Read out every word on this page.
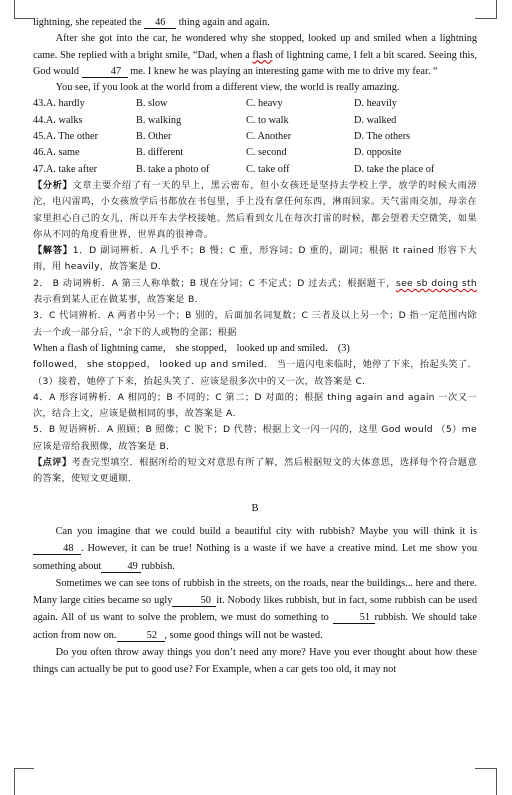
lightning, she repeated the 46 thing again and again.

After she got into the car, he wondered why she stopped, looked up and smiled when a lightning came. She replied with a bright smile, “Dad, when a flash of lightning came, I felt a bit scared. Seeing this, God would	47 me. I knew he was playing an interesting game with me to drive my fear. “

You see, if you look at the world from a different view, the world is really amazing.

43.A. hardly	B. slow	C. heavy	D. heavily
44.A. walks	B. walking	C. to walk	D. walked
45.A. The other	B. Other	C. Another	D. The others
46.A. same	B. different	C. second	D. opposite
47.A. take after	B. take a photo of	C. take off	D. take the place of

【分析】文章主要介绍了有一天的早上，黑云密布，但小女孩还是坚持去学校上学，放学的时候大雨滂沱，电闪雷鸣，小女孩放学后书都放在书包里，手上没有拿任何东西，淋雨回家。天气雷雨交加，母亲在家里担心自己的女儿，所以开车去学校接她。然后看到女儿在每次打雷的时候，都会望着天空微笑，如果你从不同的角度看世界，世界真的很神奇。

【解答】1．D 副词辨析．A 几乎不；B 慢；C 重，形容词；D 重的，副词；根据 It rained 形容下大雨，用 heavily，故答案是 D．

2． B 动词辨析．A 第三人称单数；B 现在分词；C 不定式；D 过去式；根据题干，see sb doing sth 表示看到某人正在做某事，故答案是 B．

3．C 代词辨析．A 两者中另一个；B 别的，后面加名词复数；C 三者及以上另一个；D 指一定范围内除去一个或一部分后，"余下的人或物的全部；根据

When a flash of lightning came， she stopped， looked up and smiled． (3)

followed， she stopped， looked up and smiled． 当一道闪电来临时，她停了下来，抬起头笑了．（3）接着，她停了下来，抬起头笑了．应该是很多次中的又一次，故答案是 C．

4．A 形容词辨析．A 相同的；B 不同的；C 第二；D 对面的；根据 thing again and again 一次又一次，结合上文，应该是做相同的事，故答案是 A．

5．B 短语辨析．A 照顾；B 照像；C 脱下；D 代替；根据上文一闪一闪的，这里 God would （5）me 应该是帝给我照像，故答案是 B．

【点评】考查完型填空．根据所给的短文对意思有所了解，然后根据短文的大体意思，选择每个符合题意的答案，使短文更通顺．

B

Can you imagine that we could build a beautiful city with rubbish? Maybe you will think it is48 . However, it can be true! Nothing is a waste if we have a creative mind. Let me show you something about	49 rubbish.

Sometimes we can see tons of rubbish in the streets, on the roads, near the buildings... here and there. Many large cities became so ugly	50 it. Nobody likes rubbish, but in fact, some rubbish can be used again. All of us want to solve the problem, we must do something to	51 rubbish. We should take action from now on.	52 , some good things will not be wasted.

Do you often throw away things you don’t need any more? Have you ever thought about how these things can actually be put to good use? For Example, when a car gets too old, it may not
